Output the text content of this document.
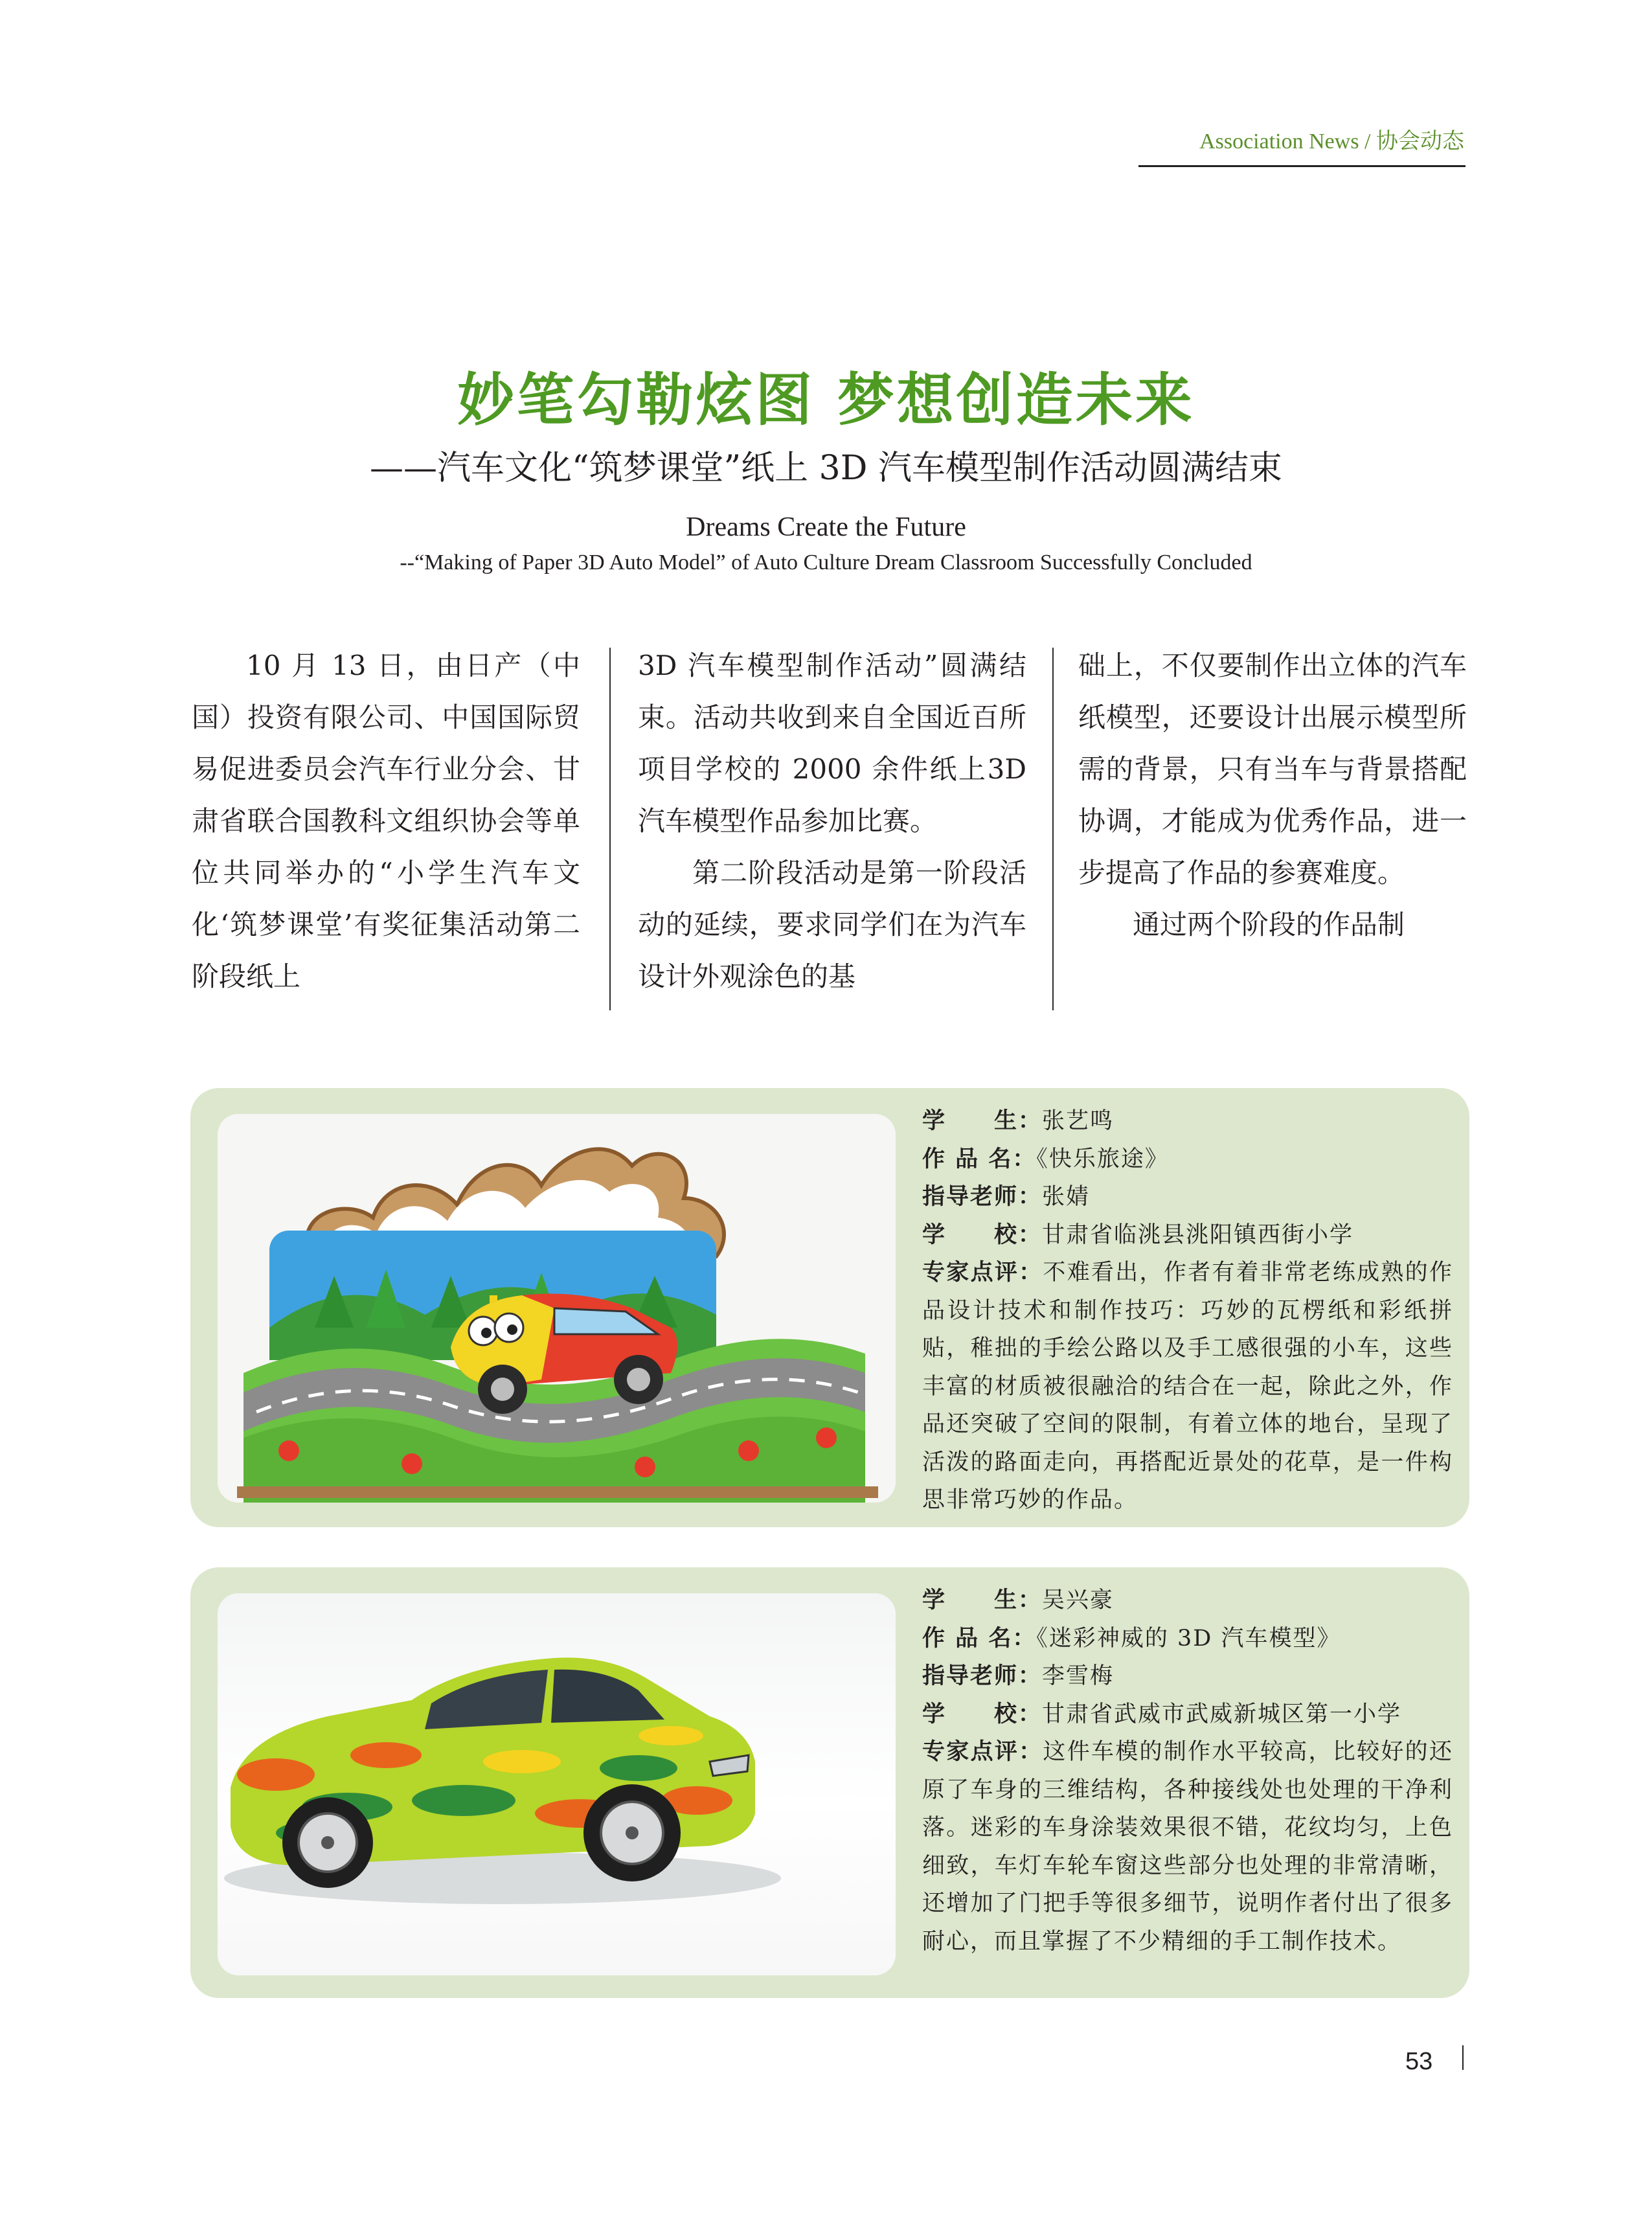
Association News / 协会动态
妙笔勾勒炫图 梦想创造未来
——汽车文化“筑梦课堂”纸上 3D 汽车模型制作活动圆满结束
Dreams Create the Future
--“Making of Paper 3D Auto Model” of Auto Culture Dream Classroom Successfully Concluded

10 月 13 日，由日产（中国）投资有限公司、中国国际贸易促进委员会汽车行业分会、甘肃省联合国教科文组织协会等单位共同举办的“小学生汽车文化‘筑梦课堂’有奖征集活动第二阶段纸上

3D 汽车模型制作活动”圆满结束。活动共收到来自全国近百所项目学校的 2000 余件纸上3D汽车模型作品参加比赛。

第二阶段活动是第一阶段活动的延续，要求同学们在为汽车设计外观涂色的基

础上，不仅要制作出立体的汽车纸模型，还要设计出展示模型所需的背景，只有当车与背景搭配协调，才能成为优秀作品，进一步提高了作品的参赛难度。

通过两个阶段的作品制

学　　生：张艺鸣
作 品 名：《快乐旅途》
指导老师：张婧
学　　校：甘肃省临洮县洮阳镇西街小学
专家点评：不难看出，作者有着非常老练成熟的作品设计技术和制作技巧：巧妙的瓦楞纸和彩纸拼贴，稚拙的手绘公路以及手工感很强的小车，这些丰富的材质被很融洽的结合在一起，除此之外，作品还突破了空间的限制，有着立体的地台，呈现了活泼的路面走向，再搭配近景处的花草，是一件构思非常巧妙的作品。
学　　生：吴兴豪
作 品 名：《迷彩神威的 3D 汽车模型》
指导老师：李雪梅
学　　校：甘肃省武威市武威新城区第一小学
专家点评：这件车模的制作水平较高，比较好的还原了车身的三维结构，各种接线处也处理的干净利落。迷彩的车身涂装效果很不错，花纹均匀，上色细致，车灯车轮车窗这些部分也处理的非常清晰，还增加了门把手等很多细节，说明作者付出了很多耐心，而且掌握了不少精细的手工制作技术。
53
